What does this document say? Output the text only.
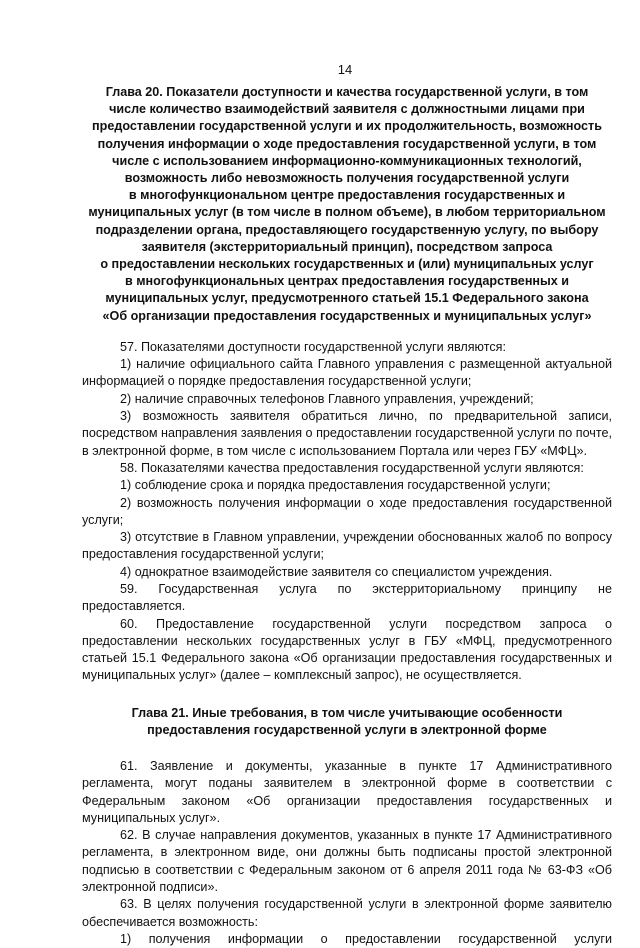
14
Глава 20. Показатели доступности и качества государственной услуги, в том
числе количество взаимодействий заявителя с должностными лицами при
предоставлении государственной услуги и их продолжительность, возможность
получения информации о ходе предоставления государственной услуги, в том
числе с использованием информационно-коммуникационных технологий,
возможность либо невозможность получения государственной услуги
в многофункциональном центре предоставления государственных и
муниципальных услуг (в том числе в полном объеме), в любом территориальном
подразделении органа, предоставляющего государственную услугу, по выбору
заявителя (экстерриториальный принцип), посредством запроса
о предоставлении нескольких государственных и (или) муниципальных услуг
в многофункциональных центрах предоставления государственных и
муниципальных услуг, предусмотренного статьей 15.1 Федерального закона
«Об организации предоставления государственных и муниципальных услуг»

57. Показателями доступности государственной услуги являются:

1) наличие официального сайта Главного управления с размещенной актуальной информацией о порядке предоставления государственной услуги;

2) наличие справочных телефонов Главного управления, учреждений;

3) возможность заявителя обратиться лично, по предварительной записи, посредством направления заявления о предоставлении государственной услуги по почте, в электронной форме, в том числе с использованием Портала или через ГБУ «МФЦ».

58. Показателями качества предоставления государственной услуги являются:

1) соблюдение срока и порядка предоставления государственной услуги;

2) возможность получения информации о ходе предоставления государственной услуги;

3) отсутствие в Главном управлении, учреждении обоснованных жалоб по вопросу предоставления государственной услуги;

4) однократное взаимодействие заявителя со специалистом учреждения.

59. Государственная услуга по экстерриториальному принципу не предоставляется.

60. Предоставление государственной услуги посредством запроса о предоставлении нескольких государственных услуг в ГБУ «МФЦ, предусмотренного статьей 15.1 Федерального закона «Об организации предоставления государственных и муниципальных услуг» (далее – комплексный запрос), не осуществляется.

Глава 21. Иные требования, в том числе учитывающие особенности
предоставления государственной услуги в электронной форме

61. Заявление и документы, указанные в пункте 17 Административного регламента, могут поданы заявителем в электронной форме в соответствии с Федеральным законом «Об организации предоставления государственных и муниципальных услуг».

62. В случае направления документов, указанных в пункте 17 Административного регламента, в электронном виде, они должны быть подписаны простой электронной подписью в соответствии с Федеральным законом от 6 апреля 2011 года № 63-ФЗ «Об электронной подписи».

63. В целях получения государственной услуги в электронной форме заявителю обеспечивается возможность:

1) получения информации о предоставлении государственной услуги
